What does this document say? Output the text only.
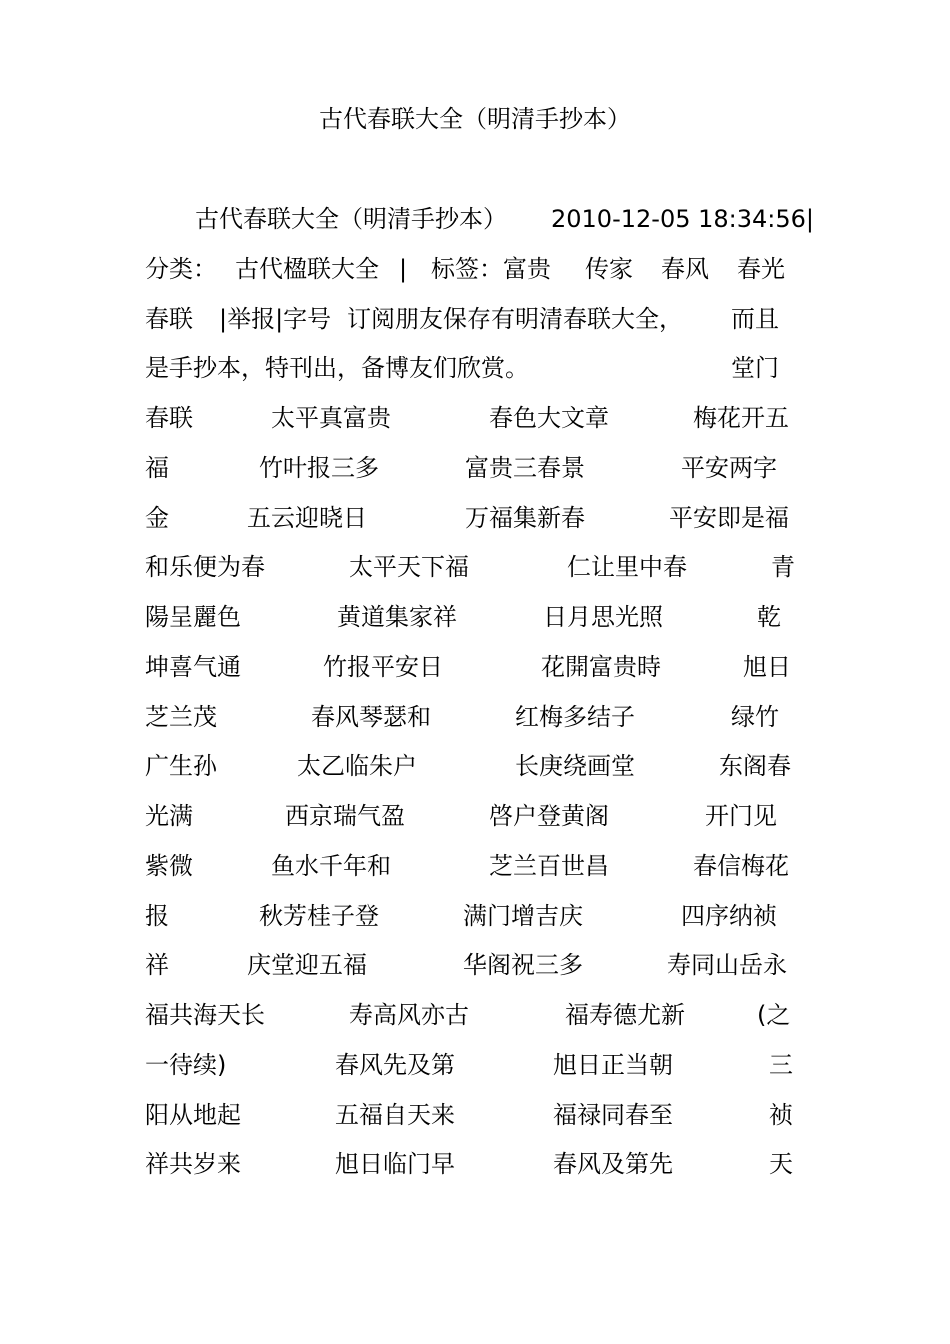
古代春联大全（明清手抄本）
古代春联大全（明清手抄本） 2010-12-05 18:34:56|
分类： 古代楹联大全 | 标签：富贵 传家 春风 春光
春联 |举报|字号 订阅朋友保存有明清春联大全， 而且
是手抄本，特刊出，备博友们欣赏。	堂门
春联	太平真富贵	春色大文章	梅花开五
福	竹叶报三多	富贵三春景	平安两字
金	五云迎晓日	万福集新春	平安即是福
和乐便为春	太平天下福	仁让里中春	青
陽呈麗色	黄道集家祥	日月思光照	乾
坤喜气通	竹报平安日	花開富贵時	旭日
芝兰茂	春风琴瑟和	红梅多结子	绿竹
广生孙	太乙临朱户	长庚绕画堂	东阁春
光满	西京瑞气盈	啓户登黄阁	开门见
紫微	鱼水千年和	芝兰百世昌	春信梅花
报	秋芳桂子登	满门增吉庆	四序纳祯
祥	庆堂迎五福	华阁祝三多	寿同山岳永
福共海天长	寿高风亦古	福寿德尤新	(之
一待续)	春风先及第	旭日正当朝	三
阳从地起	五福自天来	福禄同春至	祯
祥共岁来	旭日临门早	春风及第先	天
